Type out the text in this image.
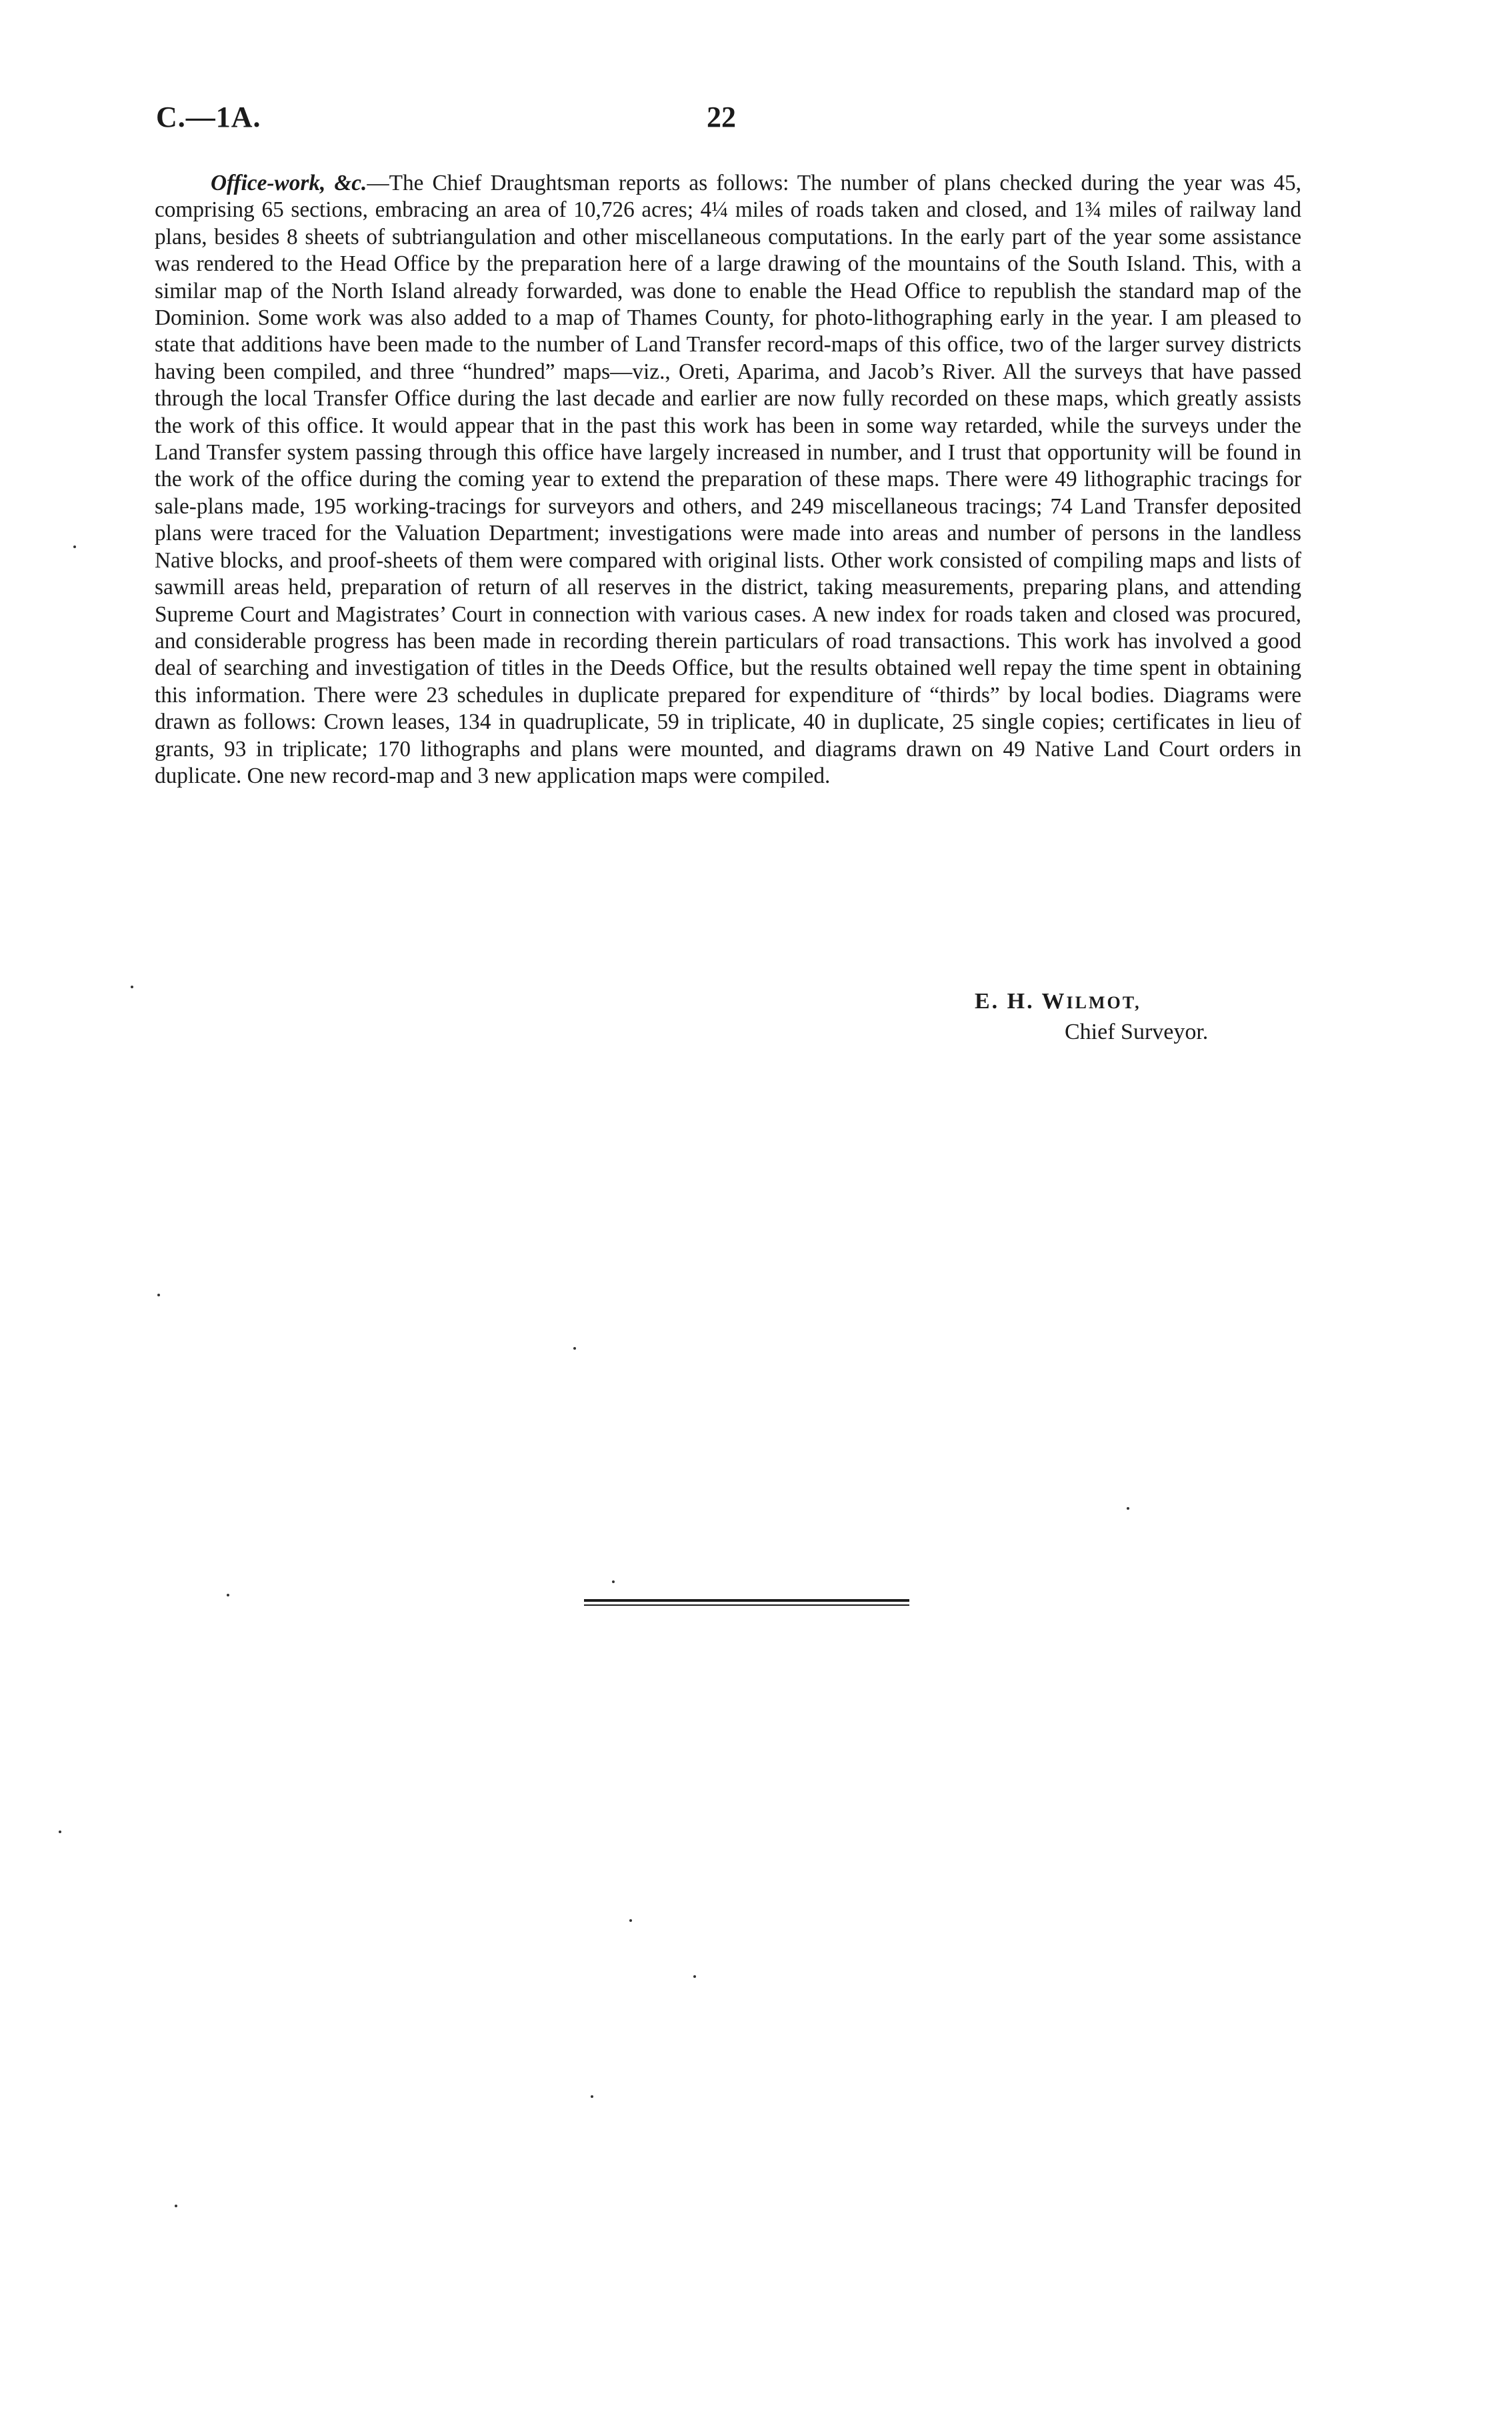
C.—1A.	22

Office-work, &c.—The Chief Draughtsman reports as follows: The number of plans checked during the year was 45, comprising 65 sections, embracing an area of 10,726 acres; 4¼ miles of roads taken and closed, and 1¾ miles of railway land plans, besides 8 sheets of subtriangulation and other miscellaneous computations. In the early part of the year some assistance was rendered to the Head Office by the preparation here of a large drawing of the mountains of the South Island. This, with a similar map of the North Island already forwarded, was done to enable the Head Office to republish the standard map of the Dominion. Some work was also added to a map of Thames County, for photo-lithographing early in the year. I am pleased to state that additions have been made to the number of Land Transfer record-maps of this office, two of the larger survey districts having been compiled, and three “hundred” maps—viz., Oreti, Aparima, and Jacob’s River. All the surveys that have passed through the local Transfer Office during the last decade and earlier are now fully recorded on these maps, which greatly assists the work of this office. It would appear that in the past this work has been in some way retarded, while the surveys under the Land Transfer system passing through this office have largely increased in number, and I trust that opportunity will be found in the work of the office during the coming year to extend the preparation of these maps. There were 49 lithographic tracings for sale-plans made, 195 working-tracings for surveyors and others, and 249 miscellaneous tracings; 74 Land Transfer deposited plans were traced for the Valuation Department; investigations were made into areas and number of persons in the landless Native blocks, and proof-sheets of them were compared with original lists. Other work consisted of compiling maps and lists of sawmill areas held, preparation of return of all reserves in the district, taking measurements, preparing plans, and attending Supreme Court and Magistrates’ Court in connection with various cases. A new index for roads taken and closed was procured, and considerable progress has been made in recording therein particulars of road transactions. This work has involved a good deal of searching and investigation of titles in the Deeds Office, but the results obtained well repay the time spent in obtaining this information. There were 23 schedules in duplicate prepared for expenditure of “thirds” by local bodies. Diagrams were drawn as follows: Crown leases, 134 in quadruplicate, 59 in triplicate, 40 in duplicate, 25 single copies; certificates in lieu of grants, 93 in triplicate; 170 lithographs and plans were mounted, and diagrams drawn on 49 Native Land Court orders in duplicate. One new record-map and 3 new application maps were compiled.

E. H. WILMOT,
Chief Surveyor.
